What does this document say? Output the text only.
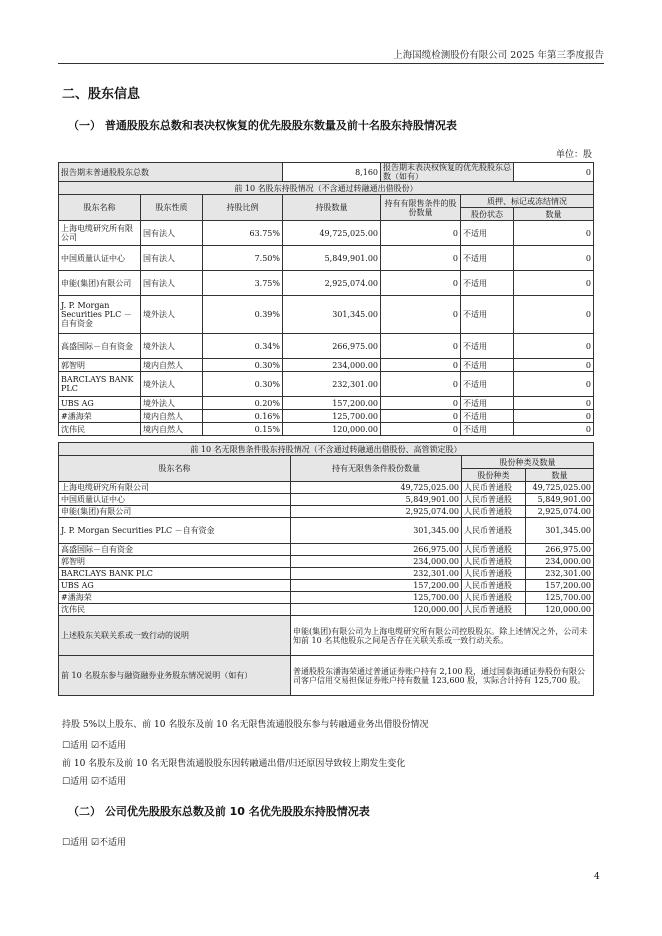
上海国缆检测股份有限公司 2025 年第三季度报告
二、股东信息
（一） 普通股股东总数和表决权恢复的优先股股东数量及前十名股东持股情况表
单位：股
报告期末普通股股东总数			8,160	报告期末表决权恢复的优先股股东总数（如有）		0
前 10 名股东持股情况（不含通过转融通出借股份）						
股东名称	股东性质	持股比例	持股数量	持有有限售条件的股份数量	质押、标记或冻结情况	
					股份状态	数量
上海电缆研究所有限公司	国有法人	63.75%	49,725,025.00	0	不适用	0
中国质量认证中心	国有法人	7.50%	5,849,901.00	0	不适用	0
申能(集团)有限公司	国有法人	3.75%	2,925,074.00	0	不适用	0
J. P. Morgan Securities PLC －自有资金	境外法人	0.39%	301,345.00	0	不适用	0
高盛国际－自有资金	境外法人	0.34%	266,975.00	0	不适用	0
郭智明	境内自然人	0.30%	234,000.00	0	不适用	0
BARCLAYS BANK PLC	境外法人	0.30%	232,301.00	0	不适用	0
UBS AG	境外法人	0.20%	157,200.00	0	不适用	0
#潘海荣	境内自然人	0.16%	125,700.00	0	不适用	0
沈伟民	境内自然人	0.15%	120,000.00	0	不适用	0
前 10 名无限售条件股东持股情况（不含通过转融通出借股份、高管锁定股）			
股东名称	持有无限售条件股份数量	股份种类及数量	
		股份种类	数量
上海电缆研究所有限公司	49,725,025.00	人民币普通股	49,725,025.00
中国质量认证中心	5,849,901.00	人民币普通股	5,849,901.00
申能(集团)有限公司	2,925,074.00	人民币普通股	2,925,074.00
J. P. Morgan Securities PLC －自有资金	301,345.00	人民币普通股	301,345.00
高盛国际－自有资金	266,975.00	人民币普通股	266,975.00
郭智明	234,000.00	人民币普通股	234,000.00
BARCLAYS BANK PLC	232,301.00	人民币普通股	232,301.00
UBS AG	157,200.00	人民币普通股	157,200.00
#潘海荣	125,700.00	人民币普通股	125,700.00
沈伟民	120,000.00	人民币普通股	120,000.00
上述股东关联关系或一致行动的说明	申能(集团)有限公司为上海电缆研究所有限公司控股股东。除上述情况之外，公司未知前 10 名其他股东之间是否存在关联关系或一致行动关系。		
前 10 名股东参与融资融券业务股东情况说明（如有）	普通股股东潘海荣通过普通证券账户持有 2,100 股，通过国泰海通证券股份有限公司客户信用交易担保证券账户持有数量 123,600 股，实际合计持有 125,700 股。		
持股 5%以上股东、前 10 名股东及前 10 名无限售流通股股东参与转融通业务出借股份情况
☐适用 ☑不适用
前 10 名股东及前 10 名无限售流通股股东因转融通出借/归还原因导致较上期发生变化
☐适用 ☑不适用
（二） 公司优先股股东总数及前 10 名优先股股东持股情况表
☐适用 ☑不适用
4
